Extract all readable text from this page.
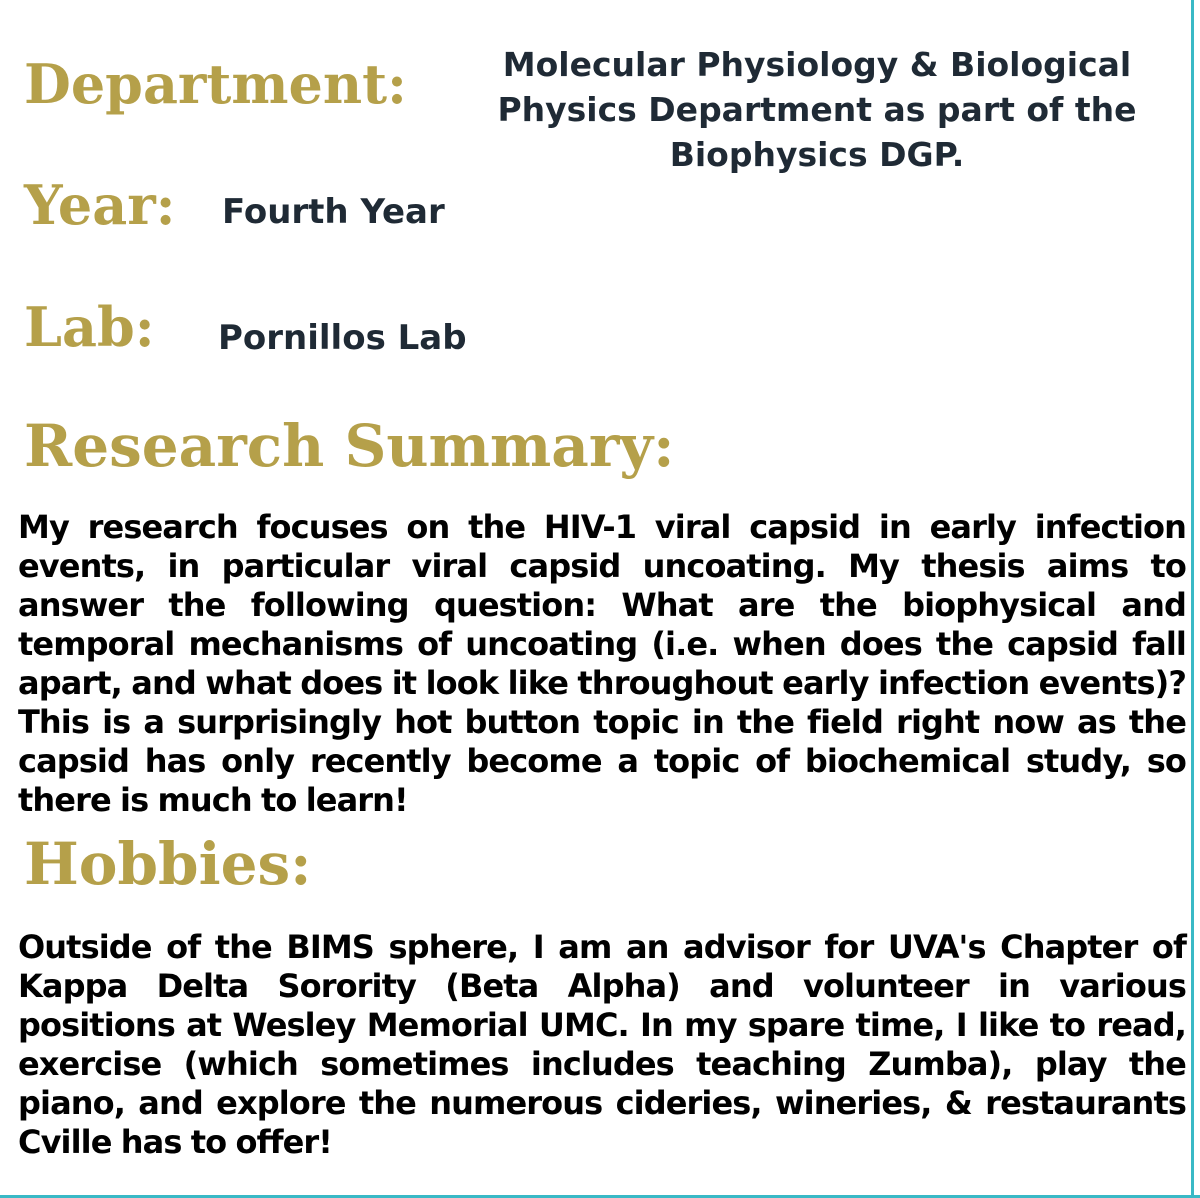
Department:	Molecular Physiology & Biological Physics Department as part of the Biophysics DGP.
Year: Fourth Year
Lab: Pornillos Lab
Research Summary:

My research focuses on the HIV-1 viral capsid in early infection events, in particular viral capsid uncoating. My thesis aims to answer the following question: What are the biophysical and temporal mechanisms of uncoating (i.e. when does the capsid fall apart, and what does it look like throughout early infection events)? This is a surprisingly hot button topic in the field right now as the capsid has only recently become a topic of biochemical study, so there is much to learn!

Hobbies:

Outside of the BIMS sphere, I am an advisor for UVA's Chapter of Kappa Delta Sorority (Beta Alpha) and volunteer in various positions at Wesley Memorial UMC. In my spare time, I like to read, exercise (which sometimes includes teaching Zumba), play the piano, and explore the numerous cideries, wineries, & restaurants Cville has to offer!
